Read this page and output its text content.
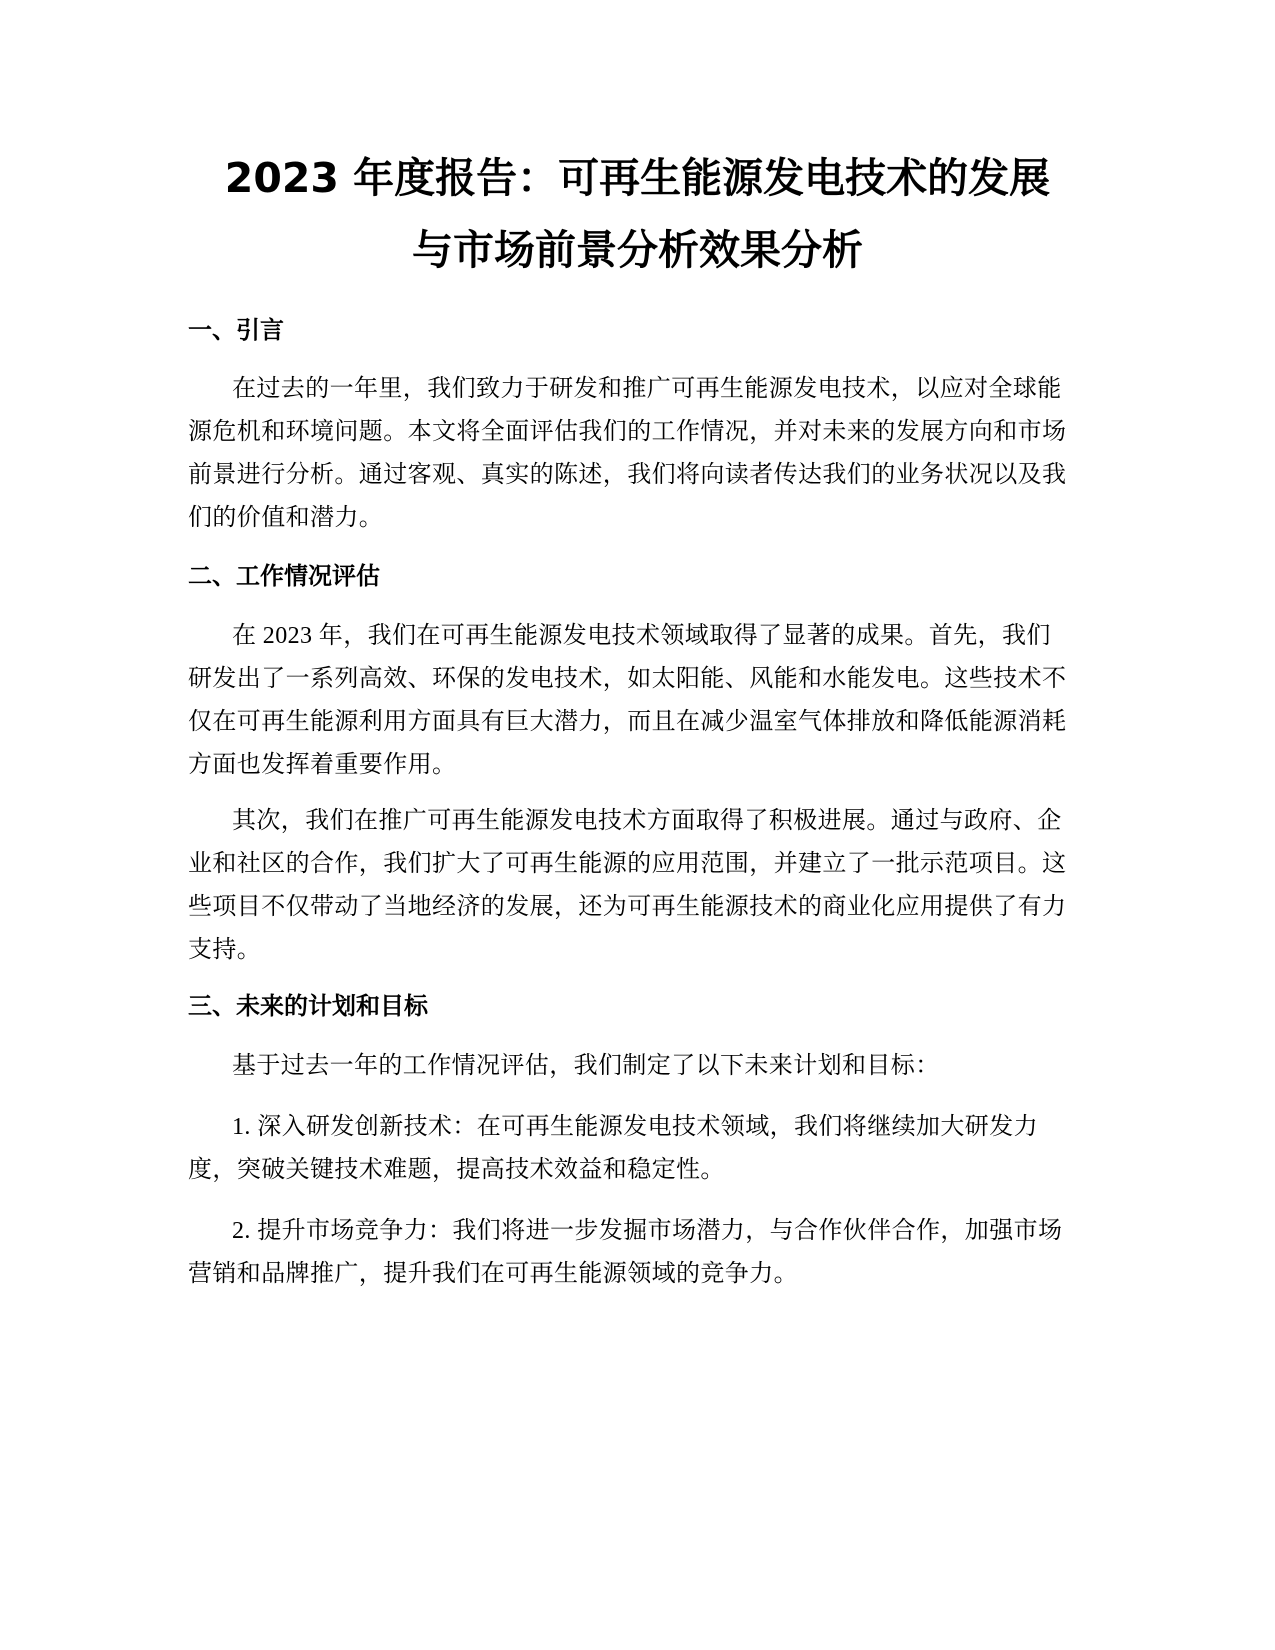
2023 年度报告：可再生能源发电技术的发展
与市场前景分析效果分析
一、引言
在过去的一年里，我们致力于研发和推广可再生能源发电技术，以应对全球能
源危机和环境问题。本文将全面评估我们的工作情况，并对未来的发展方向和市场
前景进行分析。通过客观、真实的陈述，我们将向读者传达我们的业务状况以及我
们的价值和潜力。
二、工作情况评估
在 2023 年，我们在可再生能源发电技术领域取得了显著的成果。首先，我们
研发出了一系列高效、环保的发电技术，如太阳能、风能和水能发电。这些技术不
仅在可再生能源利用方面具有巨大潜力，而且在减少温室气体排放和降低能源消耗
方面也发挥着重要作用。
其次，我们在推广可再生能源发电技术方面取得了积极进展。通过与政府、企
业和社区的合作，我们扩大了可再生能源的应用范围，并建立了一批示范项目。这
些项目不仅带动了当地经济的发展，还为可再生能源技术的商业化应用提供了有力
支持。
三、未来的计划和目标
基于过去一年的工作情况评估，我们制定了以下未来计划和目标：
1. 深入研发创新技术：在可再生能源发电技术领域，我们将继续加大研发力
度，突破关键技术难题，提高技术效益和稳定性。
2. 提升市场竞争力：我们将进一步发掘市场潜力，与合作伙伴合作，加强市场
营销和品牌推广，提升我们在可再生能源领域的竞争力。
